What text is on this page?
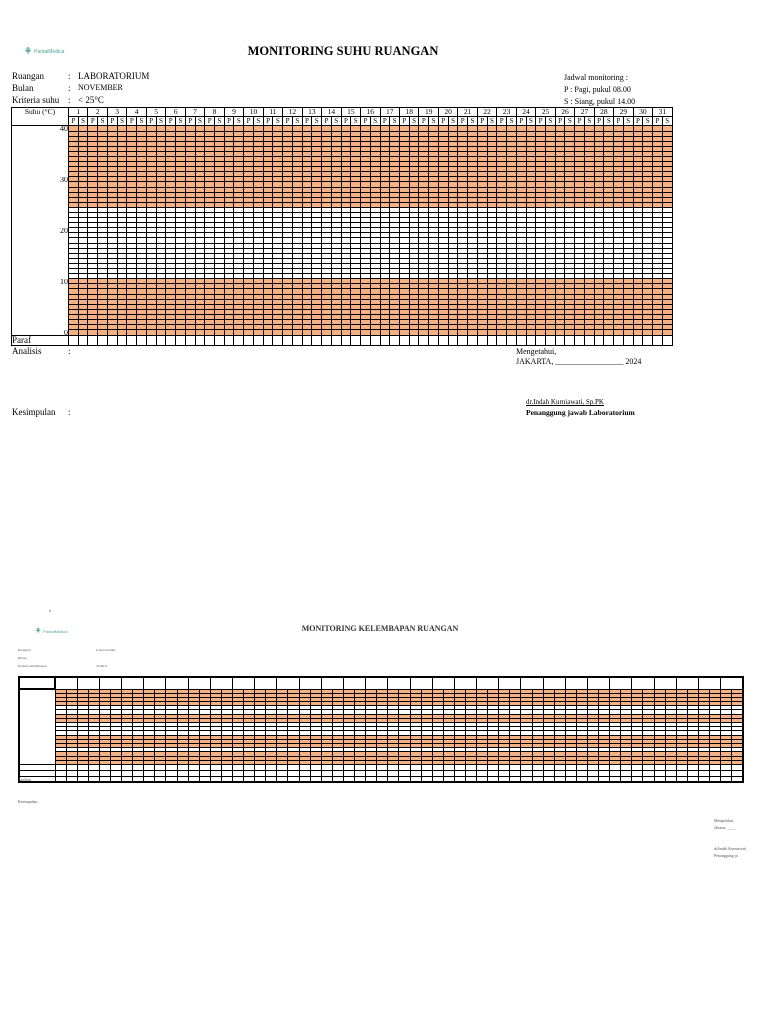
⚘ PantaiMedica	MONITORING SUHU RUANGAN
Ruangan	: LABORATORIUM
Bulan	: NOVEMBER
Kriteria suhu : < 25°C
Jadwal monitoring :
P : Pagi, pukul 08.00
S : Siang, pukul 14.00
Suhu (°C)	1		2		3		4		5		6		7		8		9		10		11		12		13		14		15		16		17		18		19		20		21		22		23		24		25		26		27		28		29		30		31	
	P	S	P	S	P	S	P	S	P	S	P	S	P	S	P	S	P	S	P	S	P	S	P	S	P	S	P	S	P	S	P	S	P	S	P	S	P	S	P	S	P	S	P	S	P	S	P	S	P	S	P	S	P	S	P	S	P	S	P	S	P	S
40																																																														

30																																																														

20																																																														

10																																																														

0																																																														
Paraf																																																														
Analisis	:	Mengetahui,
JAKARTA, _________________ 2024
Kesimpulan :
dr.Indah Kurniawati, Sp.PK
Penanggung jawab Laboratorium
ii
⚘ PantaiMedica	MONITORING KELEMBAPAN RUANGAN
Ruangan	Laboratorium
Bulan
Kriteria kelembapan	35-60%

Analisis
Kesimpulan
Mengetahui,
Jakarta, ____
dr.Indah Kurniawati
Penanggung ja
